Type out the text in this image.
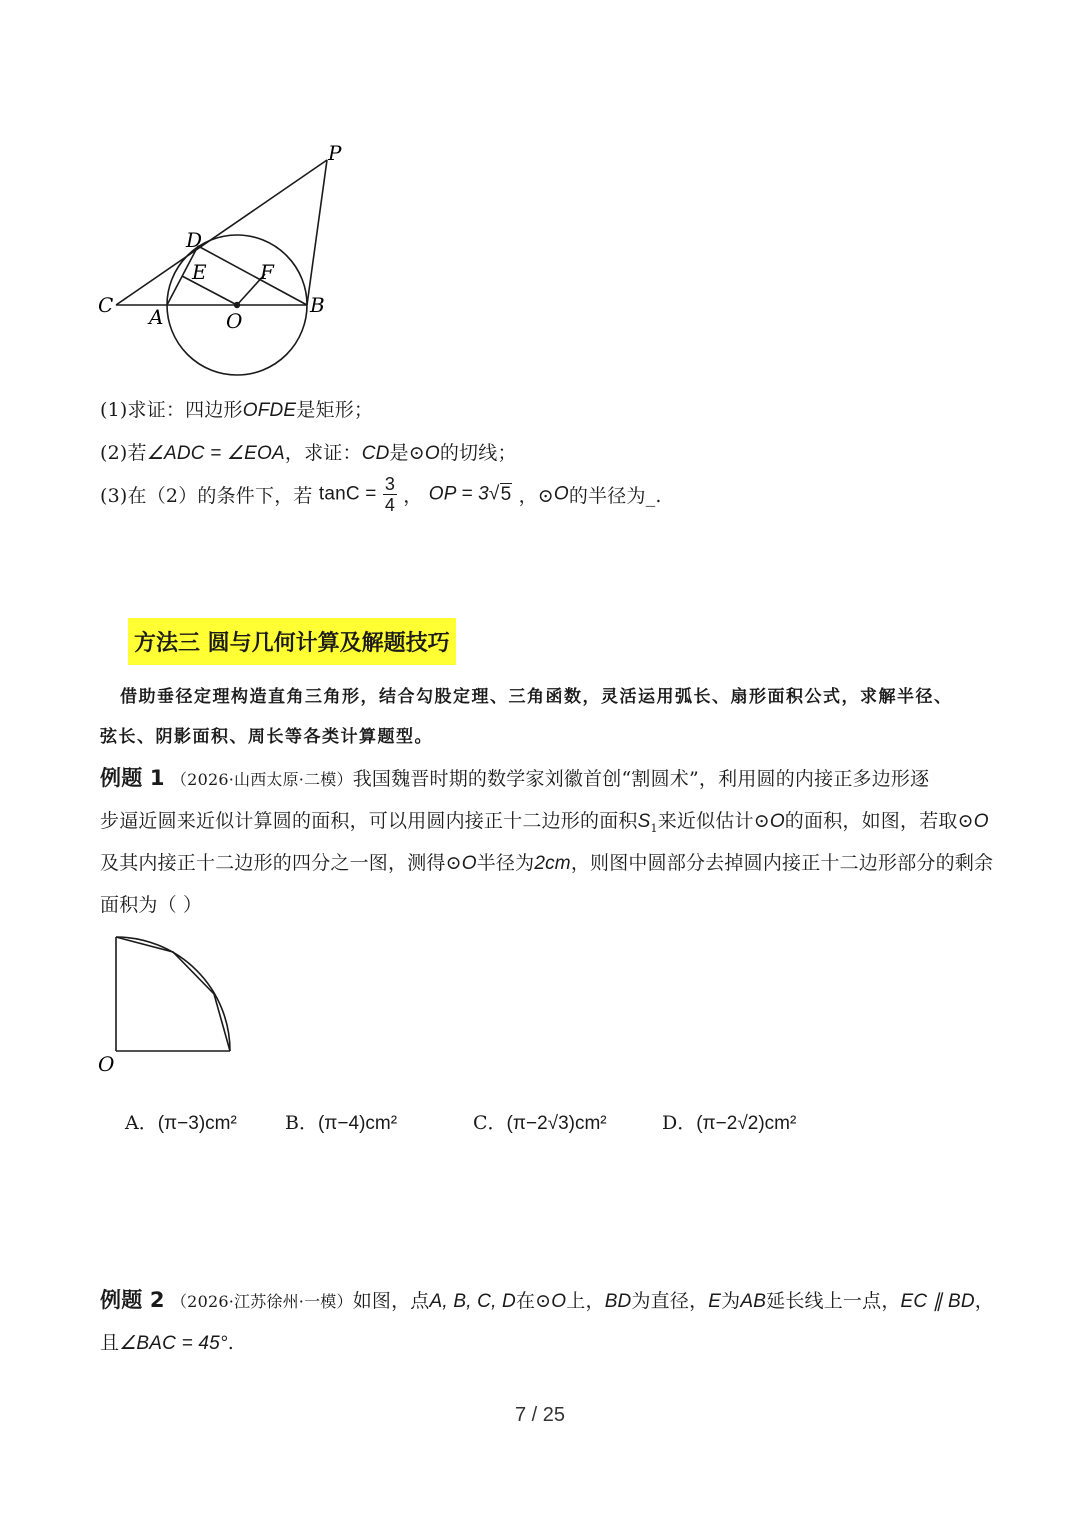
P
D
E	F
C A	O
B
(1)求证：四边形OFDE是矩形；
(2)若∠ADC = ∠EOA，求证：CD是⊙O的切线；
(3)在（2）的条件下，若 $\tan C = \frac{3}{4}$ ， OP = 3√5 ，⊙O的半径为_.
方法三 圆与几何计算及解题技巧
借助垂径定理构造直角三角形，结合勾股定理、三角函数，灵活运用弧长、扇形面积公式，求解半径、
弦长、阴影面积、周长等各类计算题型。
例题 1 （2026·山西太原·二模）我国魏晋时期的数学家刘徽首创“割圆术”，利用圆的内接正多边形逐
步逼近圆来近似计算圆的面积，可以用圆内接正十二边形的面积$S_1$来近似估计⊙O的面积，如图，若取⊙O
及其内接正十二边形的四分之一图，测得⊙O半径为2cm，则图中圆部分去掉圆内接正十二边形部分的剩余
面积为（ ）
O
A．(π−3)cm²	B．(π−4)cm²	C．(π−2√3)cm²	D．(π−2√2)cm²
例题 2 （2026·江苏徐州·一模）如图，点A, B, C, D在⊙O上，BD为直径，E为AB延长线上一点，EC ∥ BD，
且∠BAC = 45°.
7 / 25
